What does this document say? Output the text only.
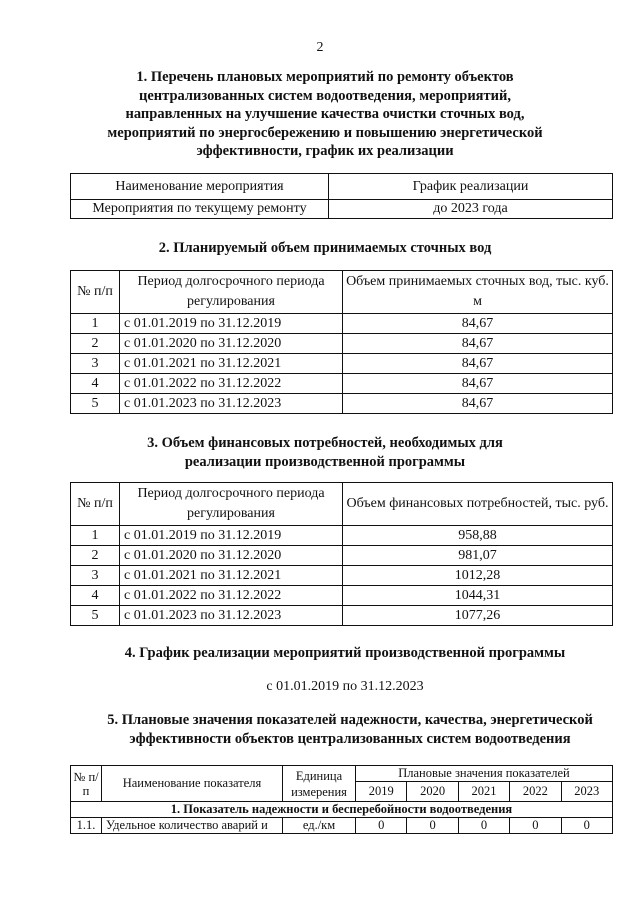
2
1. Перечень плановых мероприятий по ремонту объектов
централизованных систем водоотведения, мероприятий,
направленных на улучшение качества очистки сточных вод,
мероприятий по энергосбережению и повышению энергетической
эффективности, график их реализации
Наименование мероприятия	График реализации
Мероприятия по текущему ремонту	до 2023 года
2. Планируемый объем принимаемых сточных вод
№ п/п	Период долгосрочного периода регулирования	Объем принимаемых сточных вод, тыс. куб. м
1	с 01.01.2019 по 31.12.2019	84,67
2	с 01.01.2020 по 31.12.2020	84,67
3	с 01.01.2021 по 31.12.2021	84,67
4	с 01.01.2022 по 31.12.2022	84,67
5	с 01.01.2023 по 31.12.2023	84,67
3. Объем финансовых потребностей, необходимых для
реализации производственной программы
№ п/п	Период долгосрочного периода регулирования	Объем финансовых потребностей, тыс. руб.
1	с 01.01.2019 по 31.12.2019	958,88
2	с 01.01.2020 по 31.12.2020	981,07
3	с 01.01.2021 по 31.12.2021	1012,28
4	с 01.01.2022 по 31.12.2022	1044,31
5	с 01.01.2023 по 31.12.2023	1077,26
4. График реализации мероприятий производственной программы
с 01.01.2019 по 31.12.2023
5. Плановые значения показателей надежности, качества, энергетической
эффективности объектов централизованных систем водоотведения
№ п/п	Наименование показателя	Единица измерения	Плановые значения показателей				
			2019	2020	2021	2022	2023
1. Показатель надежности и бесперебойности водоотведения							
1.1.	Удельное количество аварий и	ед./км	0	0	0	0	0
